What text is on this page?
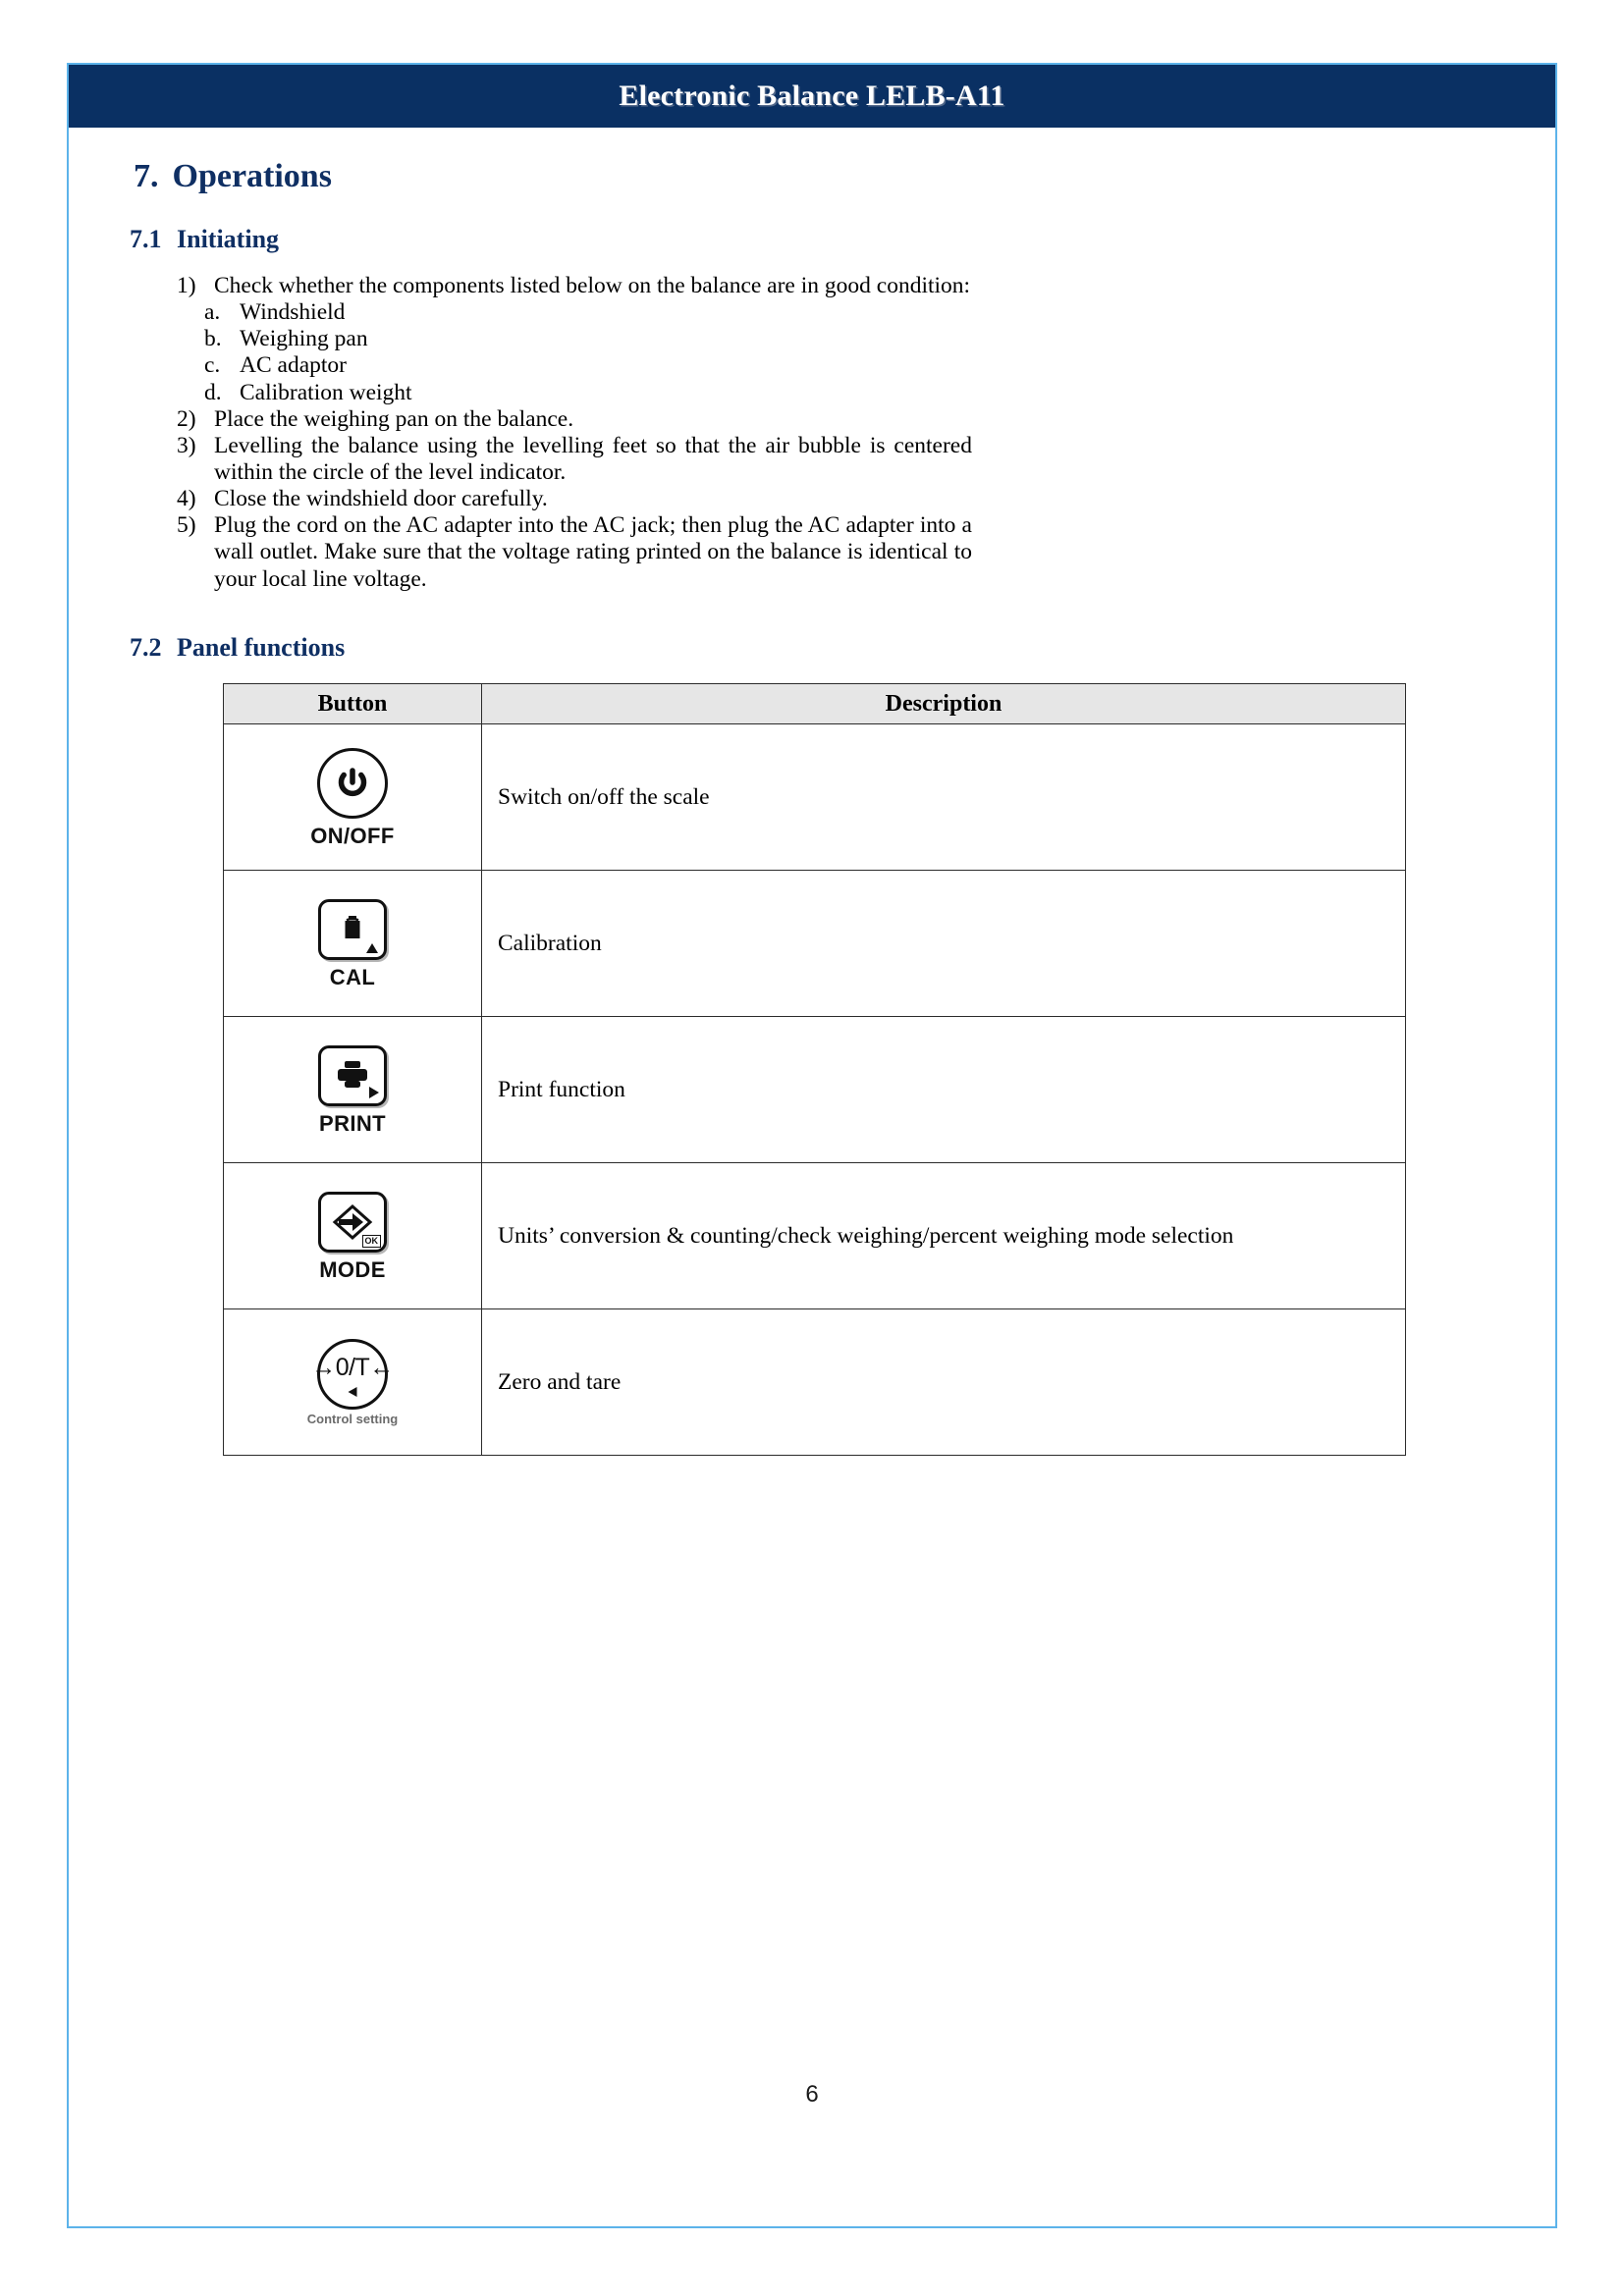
Electronic Balance LELB-A11
7. Operations
7.1 Initiating
1) Check whether the components listed below on the balance are in good condition:
a. Windshield
b. Weighing pan
c. AC adaptor
d. Calibration weight
2) Place the weighing pan on the balance.
3) Levelling the balance using the levelling feet so that the air bubble is centered within the circle of the level indicator.
4) Close the windshield door carefully.
5) Plug the cord on the AC adapter into the AC jack; then plug the AC adapter into a wall outlet. Make sure that the voltage rating printed on the balance is identical to your local line voltage.
7.2 Panel functions
Button	Description

ON/OFF	Switch on/off the scale

CAL	Calibration

PRINT	Print function

OK
MODE	Units’ conversion & counting/check weighing/percent weighing mode selection

→0/T←
Control setting	Zero and tare
6
